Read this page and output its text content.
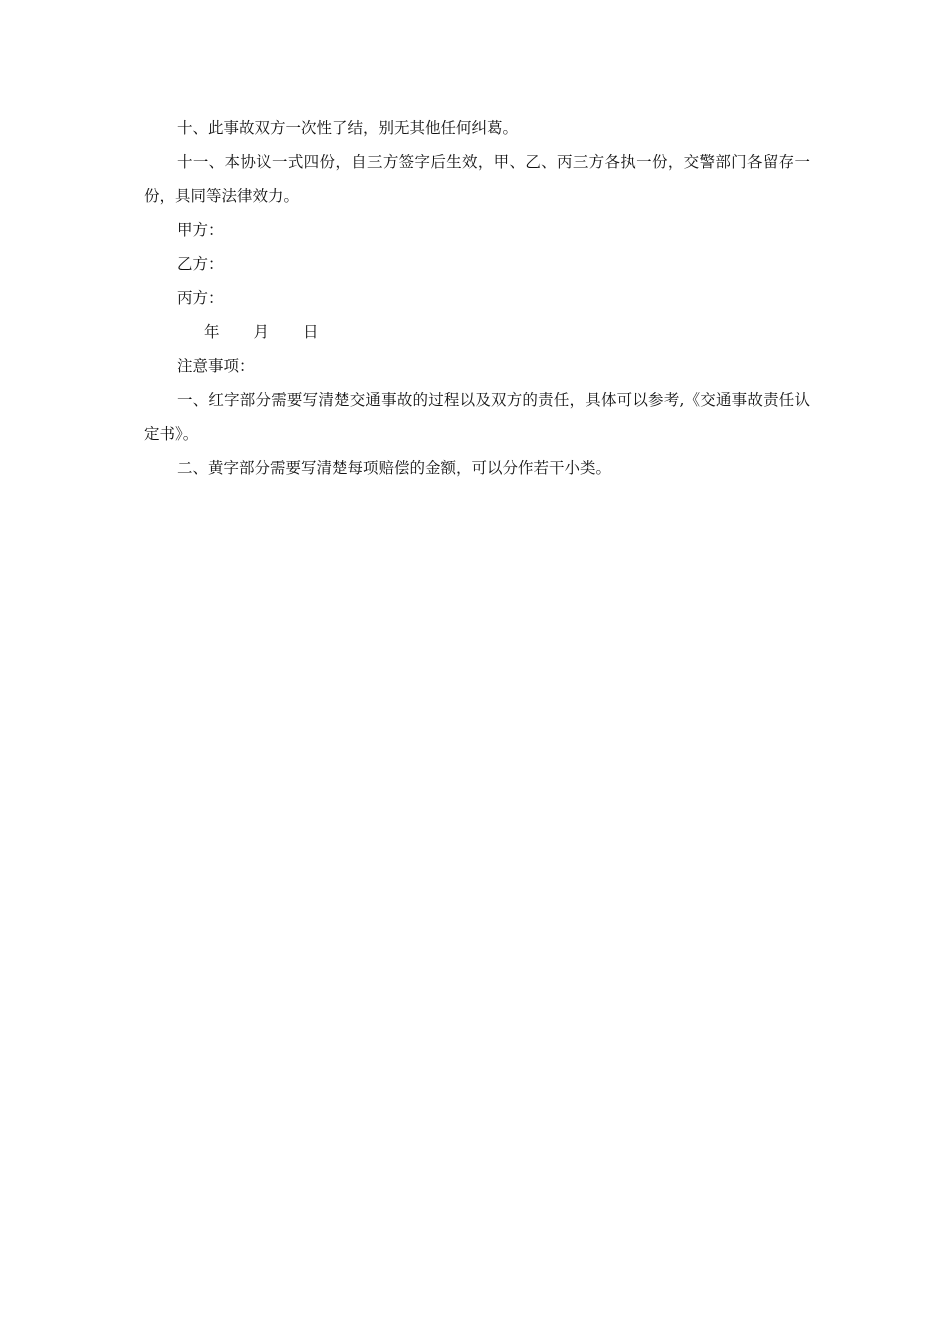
十、此事故双方一次性了结，别无其他任何纠葛。

十一、本协议一式四份，自三方签字后生效，甲、乙、丙三方各执一份，交警部门各留存一份，具同等法律效力。

甲方：

乙方：

丙方：

年 月 日

注意事项：

一、红字部分需要写清楚交通事故的过程以及双方的责任，具体可以参考,《交通事故责任认定书》。

二、黄字部分需要写清楚每项赔偿的金额，可以分作若干小类。
